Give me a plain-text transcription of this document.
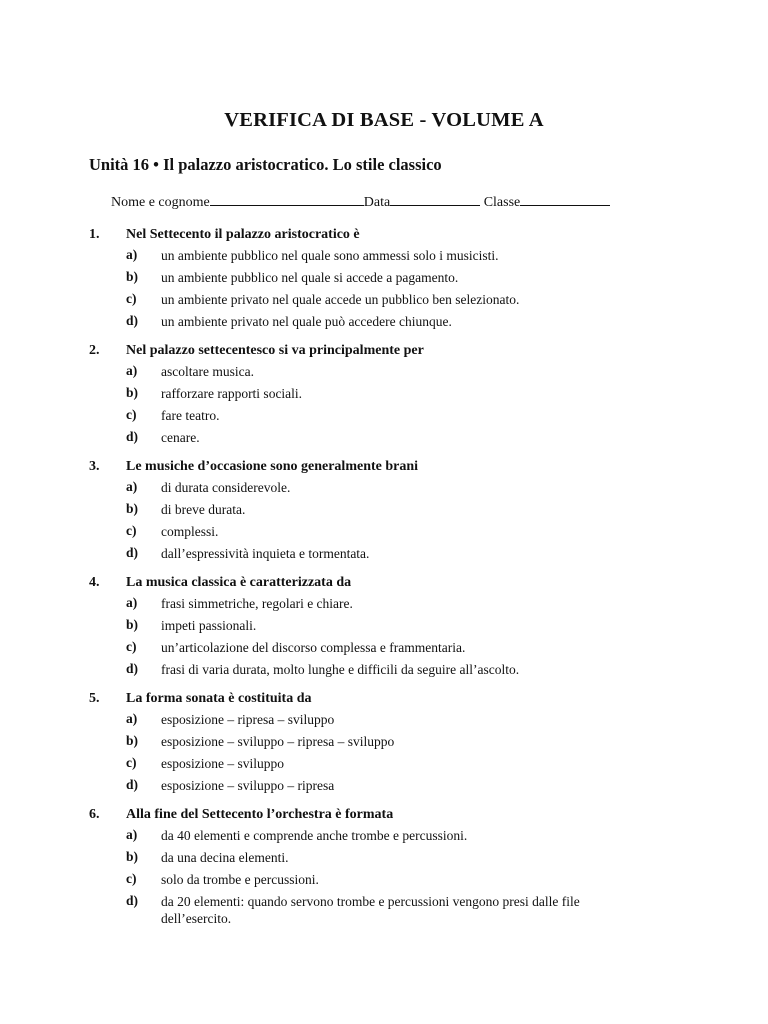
VERIFICA DI BASE - VOLUME A
Unità 16 • Il palazzo aristocratico. Lo stile classico
Nome e cognome	Data	Classe
1. Nel Settecento il palazzo aristocratico è
a) un ambiente pubblico nel quale sono ammessi solo i musicisti.
b) un ambiente pubblico nel quale si accede a pagamento.
c) un ambiente privato nel quale accede un pubblico ben selezionato.
d) un ambiente privato nel quale può accedere chiunque.
2. Nel palazzo settecentesco si va principalmente per
a) ascoltare musica.
b) rafforzare rapporti sociali.
c) fare teatro.
d) cenare.
3. Le musiche d’occasione sono generalmente brani
a) di durata considerevole.
b) di breve durata.
c) complessi.
d) dall’espressività inquieta e tormentata.
4. La musica classica è caratterizzata da
a) frasi simmetriche, regolari e chiare.
b) impeti passionali.
c) un’articolazione del discorso complessa e frammentaria.
d) frasi di varia durata, molto lunghe e difficili da seguire all’ascolto.
5. La forma sonata è costituita da
a) esposizione – ripresa – sviluppo
b) esposizione – sviluppo – ripresa – sviluppo
c) esposizione – sviluppo
d) esposizione – sviluppo – ripresa
6. Alla fine del Settecento l’orchestra è formata
a) da 40 elementi e comprende anche trombe e percussioni.
b) da una decina elementi.
c) solo da trombe e percussioni.
d) da 20 elementi: quando servono trombe e percussioni vengono presi dalle file dell’esercito.
